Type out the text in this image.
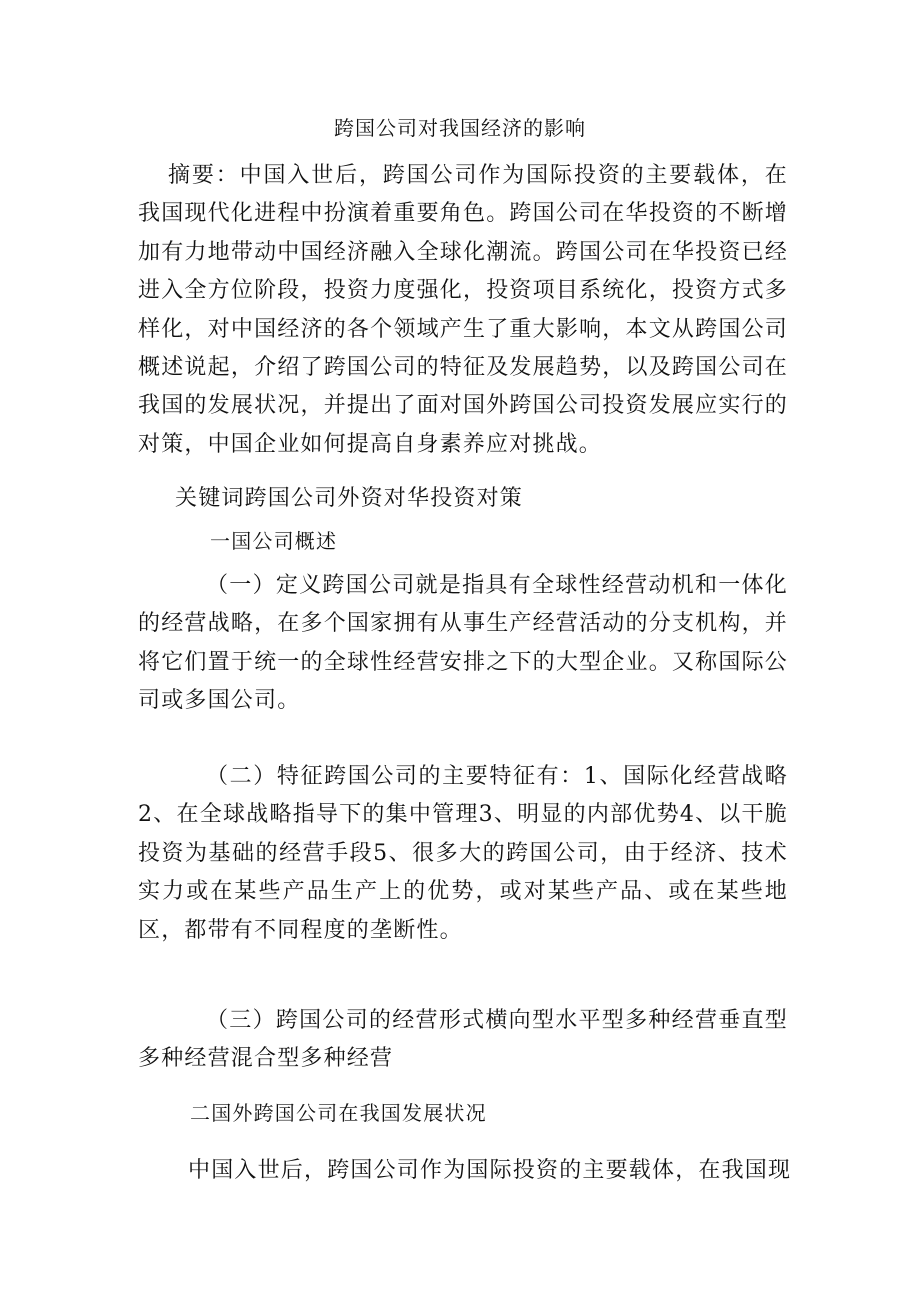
跨国公司对我国经济的影响

摘要：中国入世后，跨国公司作为国际投资的主要载体，在我国现代化进程中扮演着重要角色。跨国公司在华投资的不断增加有力地带动中国经济融入全球化潮流。跨国公司在华投资已经进入全方位阶段，投资力度强化，投资项目系统化，投资方式多样化，对中国经济的各个领域产生了重大影响，本文从跨国公司概述说起，介绍了跨国公司的特征及发展趋势，以及跨国公司在我国的发展状况，并提出了面对国外跨国公司投资发展应实行的对策，中国企业如何提高自身素养应对挑战。

关键词跨国公司外资对华投资对策

一国公司概述

（一）定义跨国公司就是指具有全球性经营动机和一体化的经营战略，在多个国家拥有从事生产经营活动的分支机构，并将它们置于统一的全球性经营安排之下的大型企业。又称国际公司或多国公司。

（二）特征跨国公司的主要特征有：1、国际化经营战略2、在全球战略指导下的集中管理3、明显的内部优势4、以干脆投资为基础的经营手段5、很多大的跨国公司，由于经济、技术实力或在某些产品生产上的优势，或对某些产品、或在某些地区，都带有不同程度的垄断性。

（三）跨国公司的经营形式横向型水平型多种经营垂直型多种经营混合型多种经营

二国外跨国公司在我国发展状况

中国入世后，跨国公司作为国际投资的主要载体，在我国现
